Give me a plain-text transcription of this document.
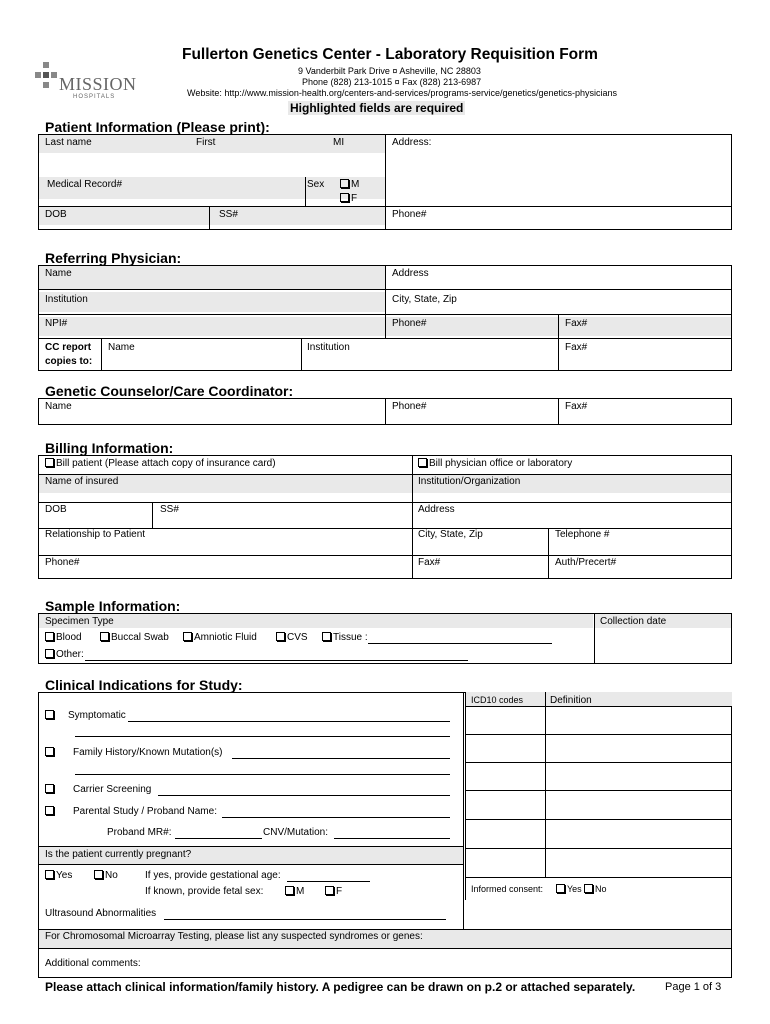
MISSION
HOSPITALS
Fullerton Genetics Center - Laboratory Requisition Form
9 Vanderbilt Park Drive ¤ Asheville, NC 28803
Phone (828) 213-1015 ¤ Fax (828) 213-6987
Website: http://www.mission-health.org/centers-and-services/programs-service/genetics/genetics-physicians
Highlighted fields are required
Patient Information (Please print):
Last name	First	MI	Address:
Medical Record#	Sex	M
F
DOB	SS#	Phone#
Referring Physician:
Name	Address
Institution	City, State, Zip
NPI#	Phone#	Fax#
CC report
copies to:
Name	Institution	Fax#
Genetic Counselor/Care Coordinator:
Name	Phone#	Fax#
Billing Information:
Bill patient (Please attach copy of insurance card)	Bill physician office or laboratory
Name of insured	Institution/Organization
DOB	SS#	Address
Relationship to Patient	City, State, Zip	Telephone #
Phone#	Fax#	Auth/Precert#
Sample Information:
Specimen Type	Collection date
Blood	Buccal Swab	Amniotic Fluid	CVS	Tissue :
Other:
Clinical Indications for Study:
ICD10 codes	Definition
Symptomatic
Family History/Known Mutation(s)
Carrier Screening
Parental Study / Proband Name:
Proband MR#:	CNV/Mutation:
Is the patient currently pregnant?
Yes	No	If yes, provide gestational age:
If known, provide fetal sex:	M	F	Informed consent:	Yes	No
Ultrasound Abnormalities
For Chromosomal Microarray Testing, please list any suspected syndromes or genes:
Additional comments:
Please attach clinical information/family history. A pedigree can be drawn on p.2 or attached separately.	Page 1 of 3
